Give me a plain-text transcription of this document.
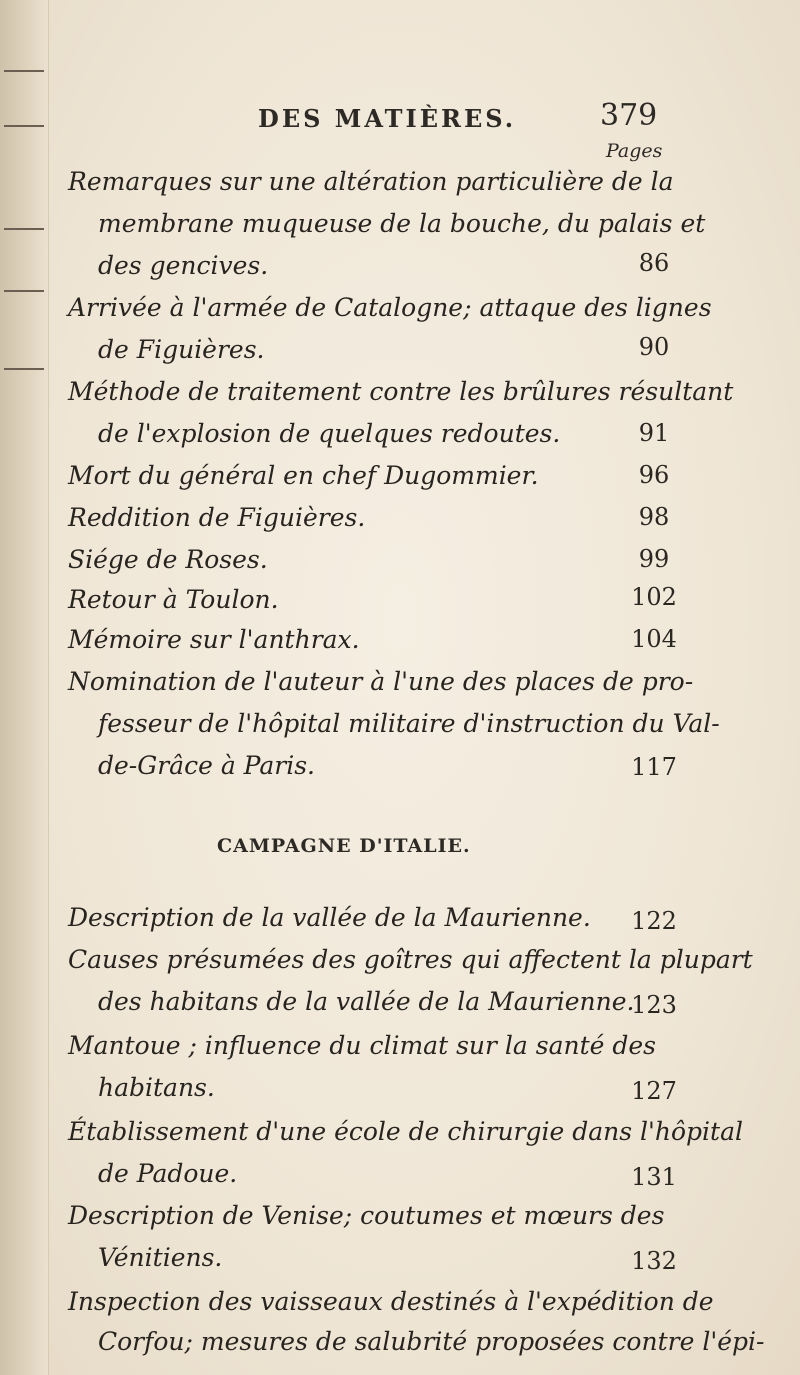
DES MATIÈRES.	379
Pages
Remarques sur une altération particulière de la
membrane muqueuse de la bouche, du palais et
des gencives.	86
Arrivée à l'armée de Catalogne; attaque des lignes
de Figuières.	90
Méthode de traitement contre les brûlures résultant
de l'explosion de quelques redoutes.	91
Mort du général en chef Dugommier.	96
Reddition de Figuières.	98
Siége de Roses.	99
Retour à Toulon.	102
Mémoire sur l'anthrax.	104
Nomination de l'auteur à l'une des places de pro-
fesseur de l'hôpital militaire d'instruction du Val-
de-Grâce à Paris.	117
CAMPAGNE D'ITALIE.
Description de la vallée de la Maurienne.	122
Causes présumées des goîtres qui affectent la plupart
des habitans de la vallée de la Maurienne.
123
Mantoue ; influence du climat sur la santé des
habitans.	127
Établissement d'une école de chirurgie dans l'hôpital
de Padoue.	131
Description de Venise; coutumes et mœurs des
Vénitiens.	132
Inspection des vaisseaux destinés à l'expédition de
Corfou; mesures de salubrité proposées contre l'épi-
